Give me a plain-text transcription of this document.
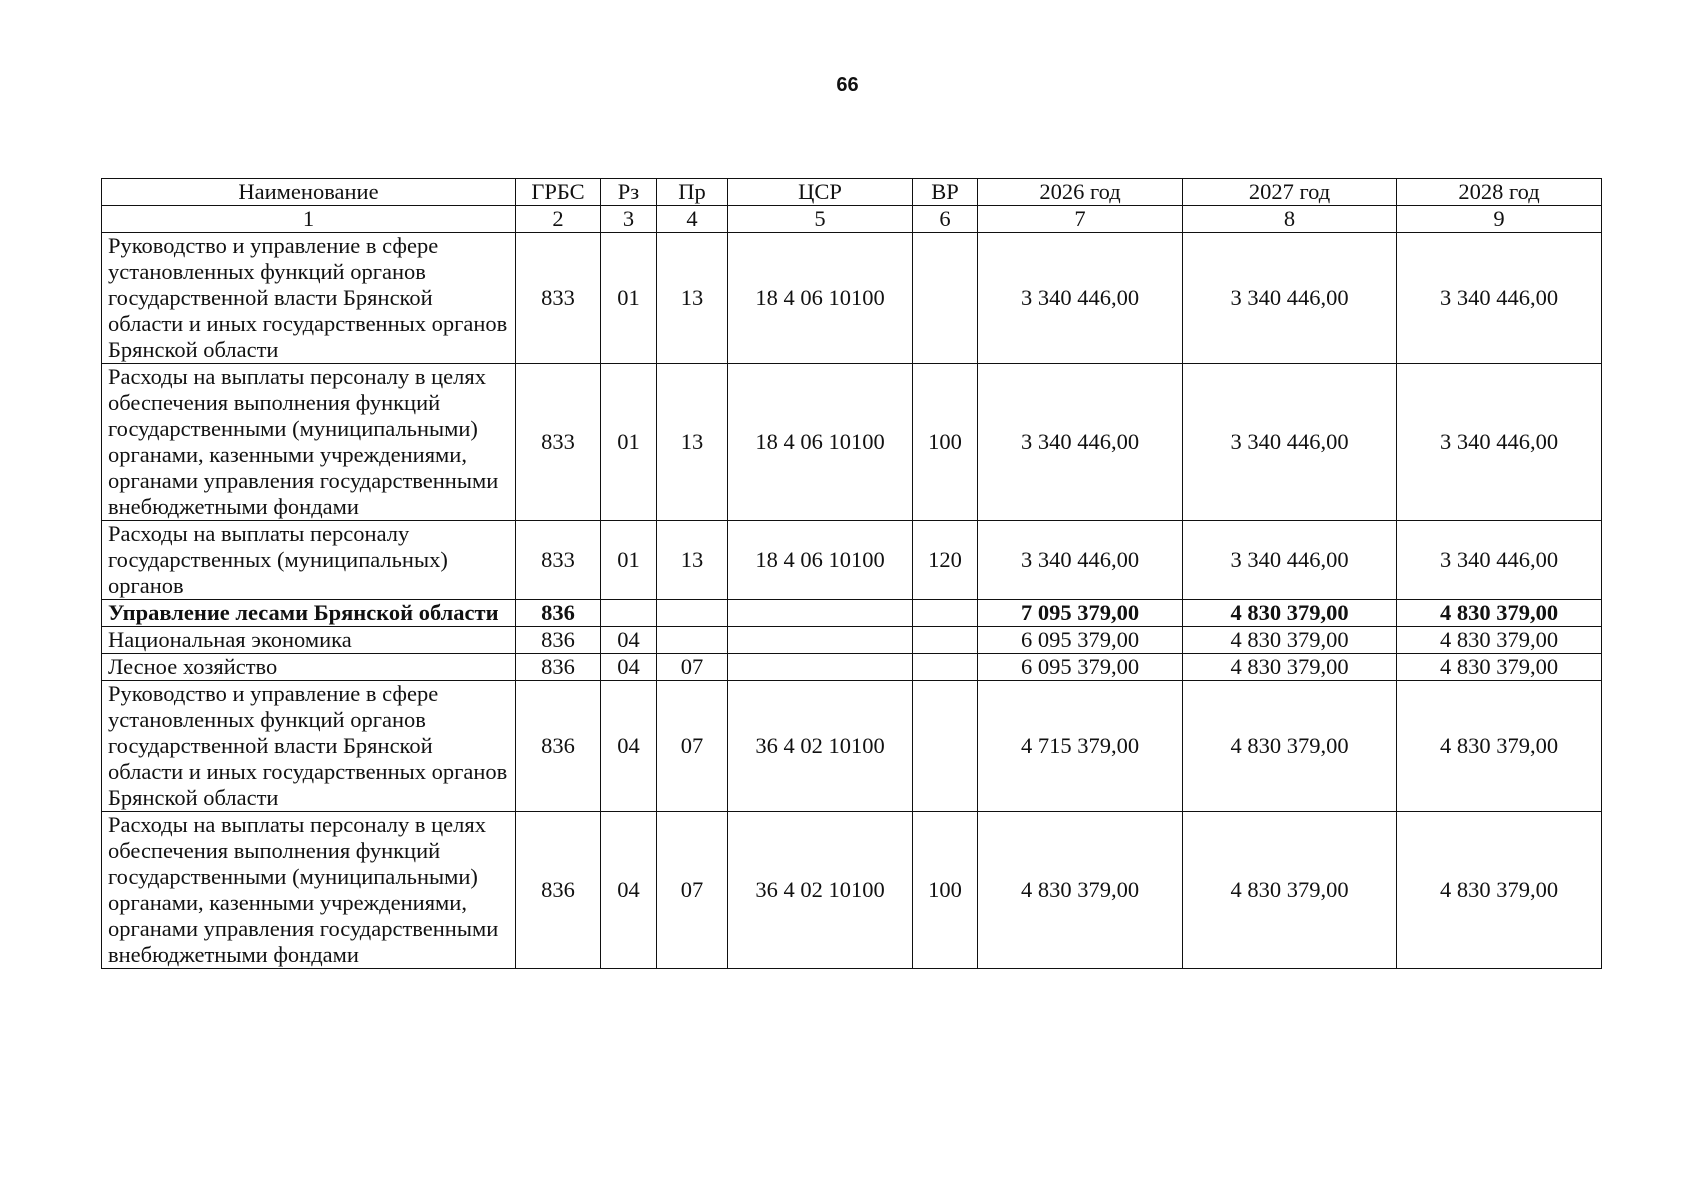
66
Наименование	ГРБС	Рз	Пр	ЦСР	ВР	2026 год	2027 год	2028 год
1	2	3	4	5	6	7	8	9
Руководство и управление в сфере установленных функций органов государственной власти Брянской области и иных государственных органов Брянской области	833	01	13	18 4 06 10100		3 340 446,00	3 340 446,00	3 340 446,00
Расходы на выплаты персоналу в целях обеспечения выполнения функций государственными (муниципальными) органами, казенными учреждениями, органами управления государственными внебюджетными фондами	833	01	13	18 4 06 10100	100	3 340 446,00	3 340 446,00	3 340 446,00
Расходы на выплаты персоналу государственных (муниципальных) органов	833	01	13	18 4 06 10100	120	3 340 446,00	3 340 446,00	3 340 446,00
Управление лесами Брянской области	836					7 095 379,00	4 830 379,00	4 830 379,00
Национальная экономика	836	04				6 095 379,00	4 830 379,00	4 830 379,00
Лесное хозяйство	836	04	07			6 095 379,00	4 830 379,00	4 830 379,00
Руководство и управление в сфере установленных функций органов государственной власти Брянской области и иных государственных органов Брянской области	836	04	07	36 4 02 10100		4 715 379,00	4 830 379,00	4 830 379,00
Расходы на выплаты персоналу в целях обеспечения выполнения функций государственными (муниципальными) органами, казенными учреждениями, органами управления государственными внебюджетными фондами	836	04	07	36 4 02 10100	100	4 830 379,00	4 830 379,00	4 830 379,00
